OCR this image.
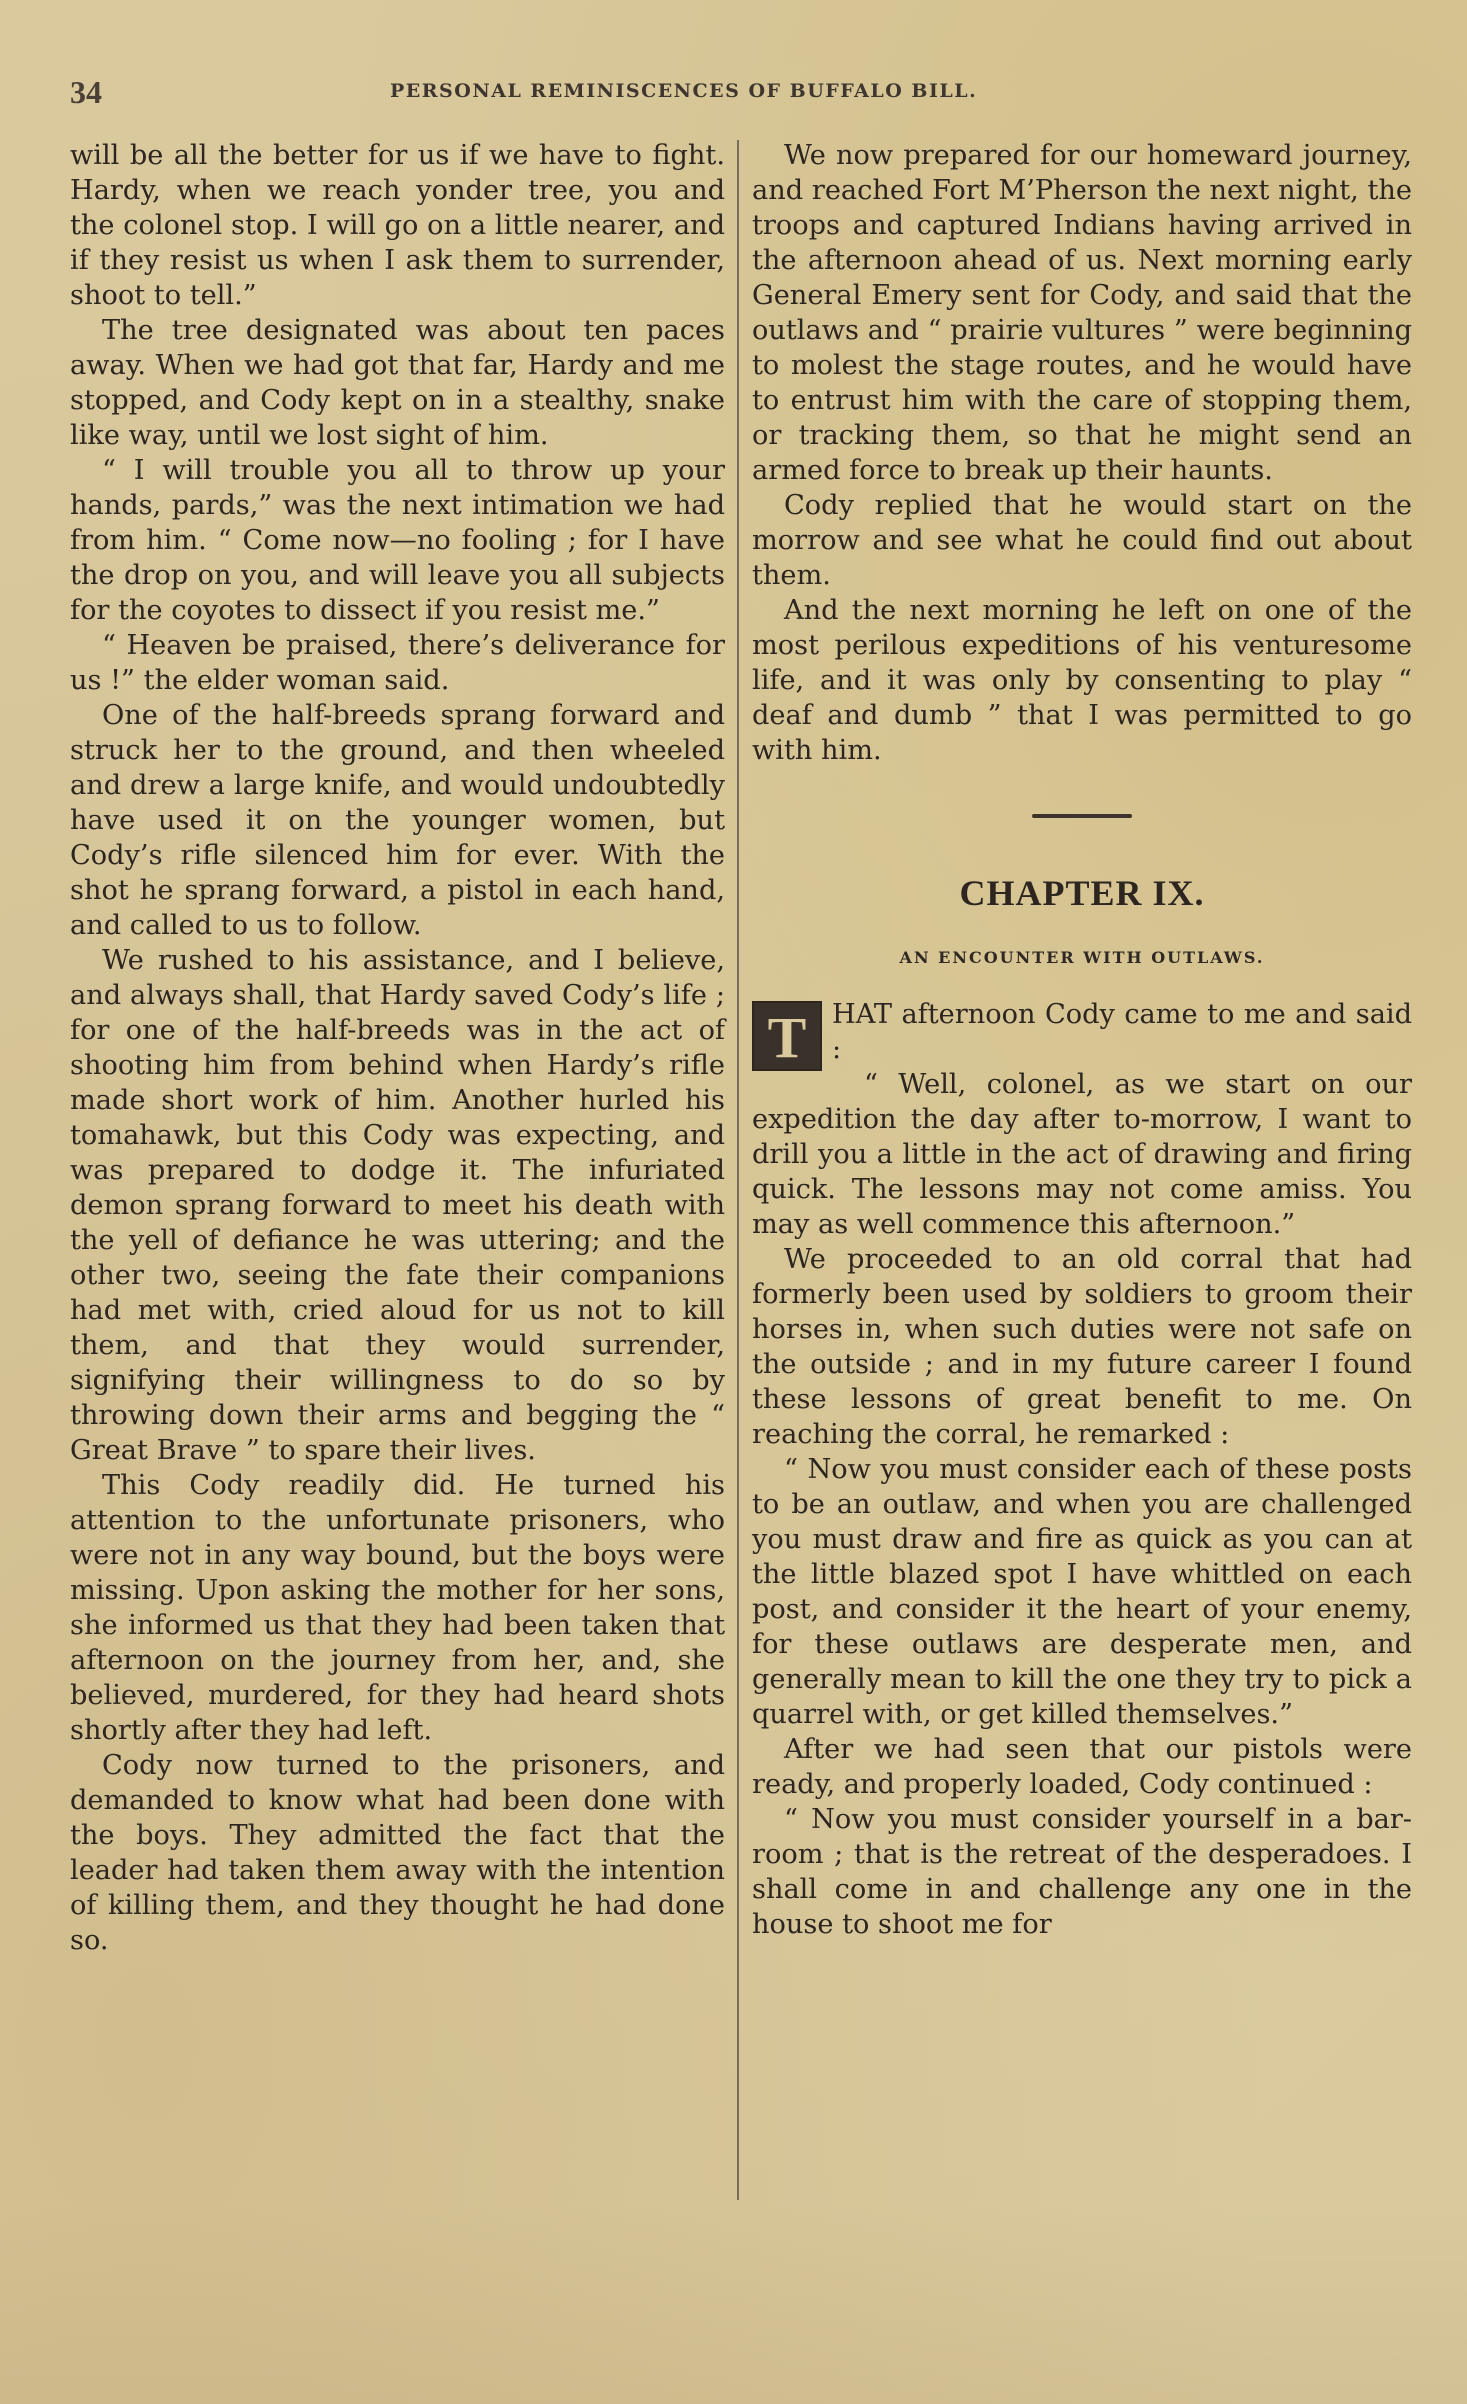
34	PERSONAL REMINISCENCES OF BUFFALO BILL.

will be all the better for us if we have to fight. Hardy, when we reach yonder tree, you and the colonel stop. I will go on a little nearer, and if they resist us when I ask them to surrender, shoot to tell.”

The tree designated was about ten paces away. When we had got that far, Hardy and me stopped, and Cody kept on in a stealthy, snake like way, until we lost sight of him.

“ I will trouble you all to throw up your hands, pards,” was the next intimation we had from him. “ Come now—no fooling ; for I have the drop on you, and will leave you all subjects for the coyotes to dissect if you resist me.”

“ Heaven be praised, there’s deliverance for us !” the elder woman said.

One of the half-breeds sprang forward and struck her to the ground, and then wheeled and drew a large knife, and would undoubtedly have used it on the younger women, but Cody’s rifle silenced him for ever. With the shot he sprang forward, a pistol in each hand, and called to us to follow.

We rushed to his assistance, and I believe, and always shall, that Hardy saved Cody’s life ; for one of the half-breeds was in the act of shooting him from behind when Hardy’s rifle made short work of him. Another hurled his tomahawk, but this Cody was expecting, and was prepared to dodge it. The infuriated demon sprang forward to meet his death with the yell of defiance he was uttering; and the other two, seeing the fate their companions had met with, cried aloud for us not to kill them, and that they would surrender, signifying their willingness to do so by throwing down their arms and begging the “ Great Brave ” to spare their lives.

This Cody readily did. He turned his attention to the unfortunate prisoners, who were not in any way bound, but the boys were missing. Upon asking the mother for her sons, she informed us that they had been taken that afternoon on the journey from her, and, she believed, murdered, for they had heard shots shortly after they had left.

Cody now turned to the prisoners, and demanded to know what had been done with the boys. They admitted the fact that the leader had taken them away with the intention of killing them, and they thought he had done so.

We now prepared for our homeward journey, and reached Fort M’Pherson the next night, the troops and captured Indians having arrived in the afternoon ahead of us. Next morning early General Emery sent for Cody, and said that the outlaws and “ prairie vultures ” were beginning to molest the stage routes, and he would have to entrust him with the care of stopping them, or tracking them, so that he might send an armed force to break up their haunts.

Cody replied that he would start on the morrow and see what he could find out about them.

And the next morning he left on one of the most perilous expeditions of his venturesome life, and it was only by consenting to play “ deaf and dumb ” that I was permitted to go with him.

CHAPTER IX.
AN ENCOUNTER WITH OUTLAWS.

T HAT afternoon Cody came to me and said :

“ Well, colonel, as we start on our expedition the day after to-morrow, I want to drill you a little in the act of drawing and firing quick. The lessons may not come amiss. You may as well commence this afternoon.”

We proceeded to an old corral that had formerly been used by soldiers to groom their horses in, when such duties were not safe on the outside ; and in my future career I found these lessons of great benefit to me. On reaching the corral, he remarked :

“ Now you must consider each of these posts to be an outlaw, and when you are challenged you must draw and fire as quick as you can at the little blazed spot I have whittled on each post, and consider it the heart of your enemy, for these outlaws are desperate men, and generally mean to kill the one they try to pick a quarrel with, or get killed themselves.”

After we had seen that our pistols were ready, and properly loaded, Cody continued :

“ Now you must consider yourself in a bar-room ; that is the retreat of the desperadoes. I shall come in and challenge any one in the house to shoot me for
